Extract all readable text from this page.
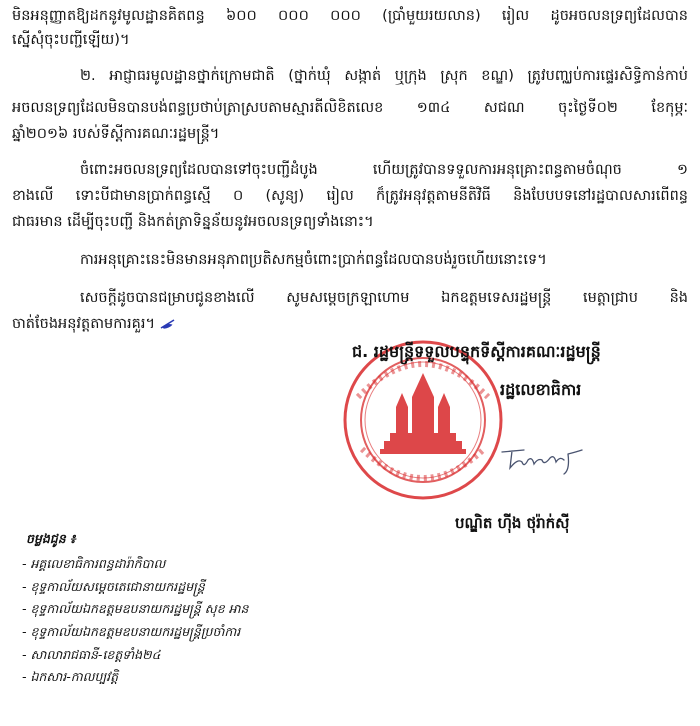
មិនអនុញ្ញាតឱ្យដកនូវមូលដ្ឋានគិតពន្ធ ៦០០ ០០០ ០០០ (ប្រាំមួយរយលាន) រៀល ដូចអចលនទ្រព្យដែលបាន
ស្នើសុំចុះបញ្ជីឡើយ)។
២. អាជ្ញាធរមូលដ្ឋានថ្នាក់ក្រោមជាតិ (ថ្នាក់ឃុំ សង្កាត់ ឬក្រុង ស្រុក ខណ្ឌ) ត្រូវបញ្ឈប់ការផ្ទេរសិទ្ធិកាន់កាប់
អចលនទ្រព្យដែលមិនបានបង់ពន្ធប្រថាប់ត្រាស្របតាមស្មារតីលិខិតលេខ ១៣៤ សជណ ចុះថ្ងៃទី០២ ខែកុម្ភៈ
ឆ្នាំ២០១៦ របស់ទីស្តីការគណៈរដ្ឋមន្ត្រី។
ចំពោះអចលនទ្រព្យដែលបានទៅចុះបញ្ជីដំបូង ហើយត្រូវបានទទួលការអនុគ្រោះពន្ធតាមចំណុច ១
ខាងលើ ទោះបីជាមានប្រាក់ពន្ធស្មើ ០ (សូន្យ) រៀល ក៏ត្រូវអនុវត្តតាមនីតិវិធី និងបែបបទនៅរដ្ឋបាលសារពើពន្ធ
ជាធរមាន ដើម្បីចុះបញ្ជី និងកត់ត្រាទិន្នន័យនូវអចលនទ្រព្យទាំងនោះ។
ការអនុគ្រោះនេះមិនមានអនុភាពប្រតិសកម្មចំពោះប្រាក់ពន្ធដែលបានបង់រួចហើយនោះទេ។
សេចក្តីដូចបានជម្រាបជូនខាងលើ សូមសម្តេចក្រឡាហោម ឯកឧត្តមទេសរដ្ឋមន្ត្រី មេត្តាជ្រាប និង
ចាត់ចែងអនុវត្តតាមការគួរ។
ជ. រដ្ឋមន្ត្រីទទួលបន្ទុកទីស្តីការគណៈរដ្ឋមន្ត្រី
រដ្ឋលេខាធិការ
បណ្ឌិត ហ៊ីង ថុរ៉ាក់ស៊ី
ចម្លងជូន ៖
- អគ្គលេខាធិការពន្ធដារ៉ាកិបាល
- ខុទ្ទកាល័យសម្តេចតេជោនាយករដ្ឋមន្ត្រី
- ខុទ្ទកាល័យឯកឧត្តមឧបនាយករដ្ឋមន្ត្រី សុខ អាន
- ខុទ្ទកាល័យឯកឧត្តមឧបនាយករដ្ឋមន្ត្រីប្រចាំការ
- សាលារាជធានី-ខេត្តទាំង២៤
- ឯកសារ-កាលប្បវត្តិ
